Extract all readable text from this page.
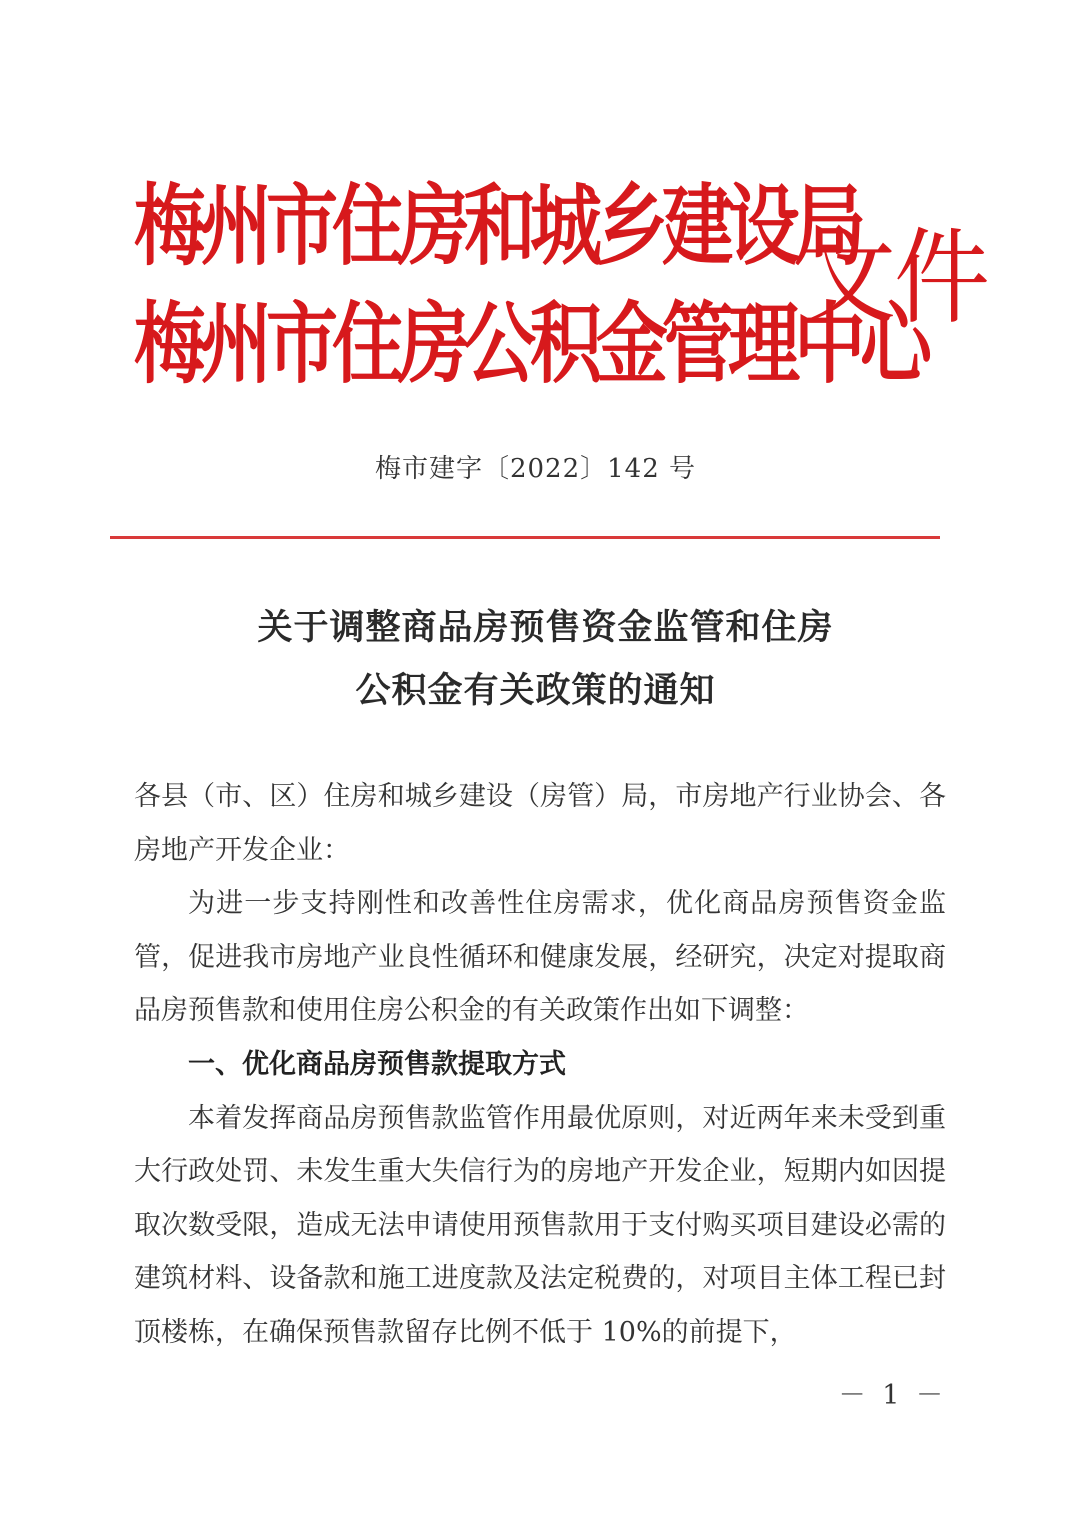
梅州市住房和城乡建设局
梅州市住房公积金管理中心
文件
梅市建字〔2022〕142 号
关于调整商品房预售资金监管和住房
公积金有关政策的通知

各县（市、区）住房和城乡建设（房管）局，市房地产行业协会、各房地产开发企业：

为进一步支持刚性和改善性住房需求，优化商品房预售资金监管，促进我市房地产业良性循环和健康发展，经研究，决定对提取商品房预售款和使用住房公积金的有关政策作出如下调整：

一、优化商品房预售款提取方式

本着发挥商品房预售款监管作用最优原则，对近两年来未受到重大行政处罚、未发生重大失信行为的房地产开发企业，短期内如因提取次数受限，造成无法申请使用预售款用于支付购买项目建设必需的建筑材料、设备款和施工进度款及法定税费的，对项目主体工程已封顶楼栋，在确保预售款留存比例不低于 10%的前提下，

－ 1 －
